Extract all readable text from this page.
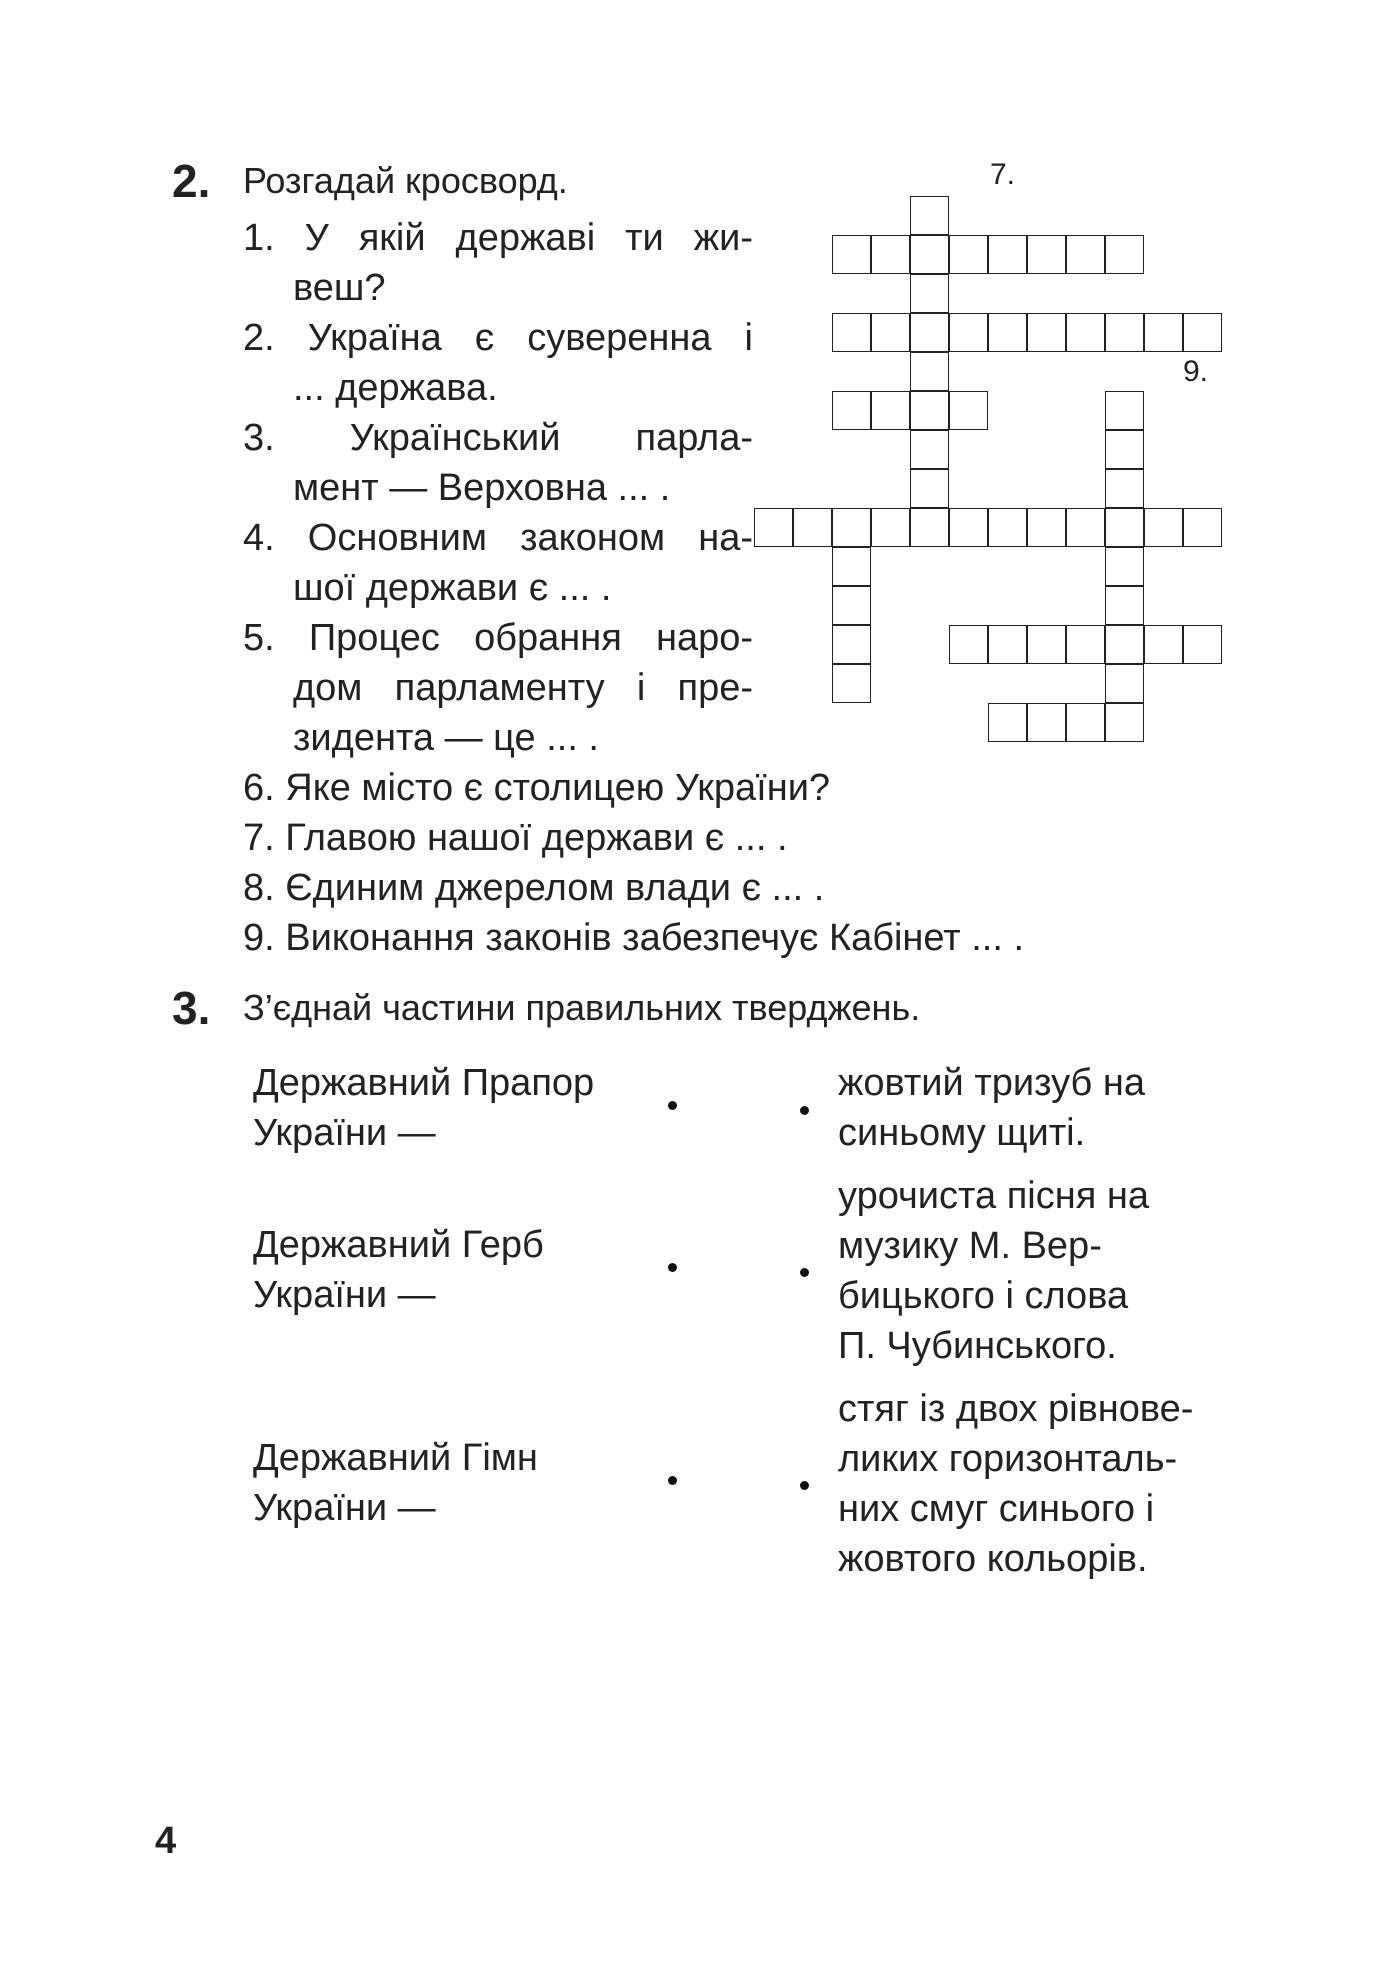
2. Розгадай кросворд.
1. У якій державі ти жи-
веш?
2. Україна є суверенна і
... держава.
3. Український парла-
мент — Верховна ... .
4. Основним законом на-
шої держави є ... .
5. Процес обрання наро-
дом парламенту і пре-
зидента — це ... .
6. Яке місто є столицею України?
7. Главою нашої держави є ... .
8. Єдиним джерелом влади є ... .
9. Виконання законів забезпечує Кабінет ... .
7.
9.
3. З’єднай частини правильних тверджень.
Державний Прапор
України —
Державний Герб
України —
Державний Гімн
України —
жовтий тризуб на
синьому щиті.
урочиста пісня на
музику М. Вер-
бицького і слова
П. Чубинського.
стяг із двох рівнове-
ликих горизонталь-
них смуг синього і
жовтого кольорів.
4
